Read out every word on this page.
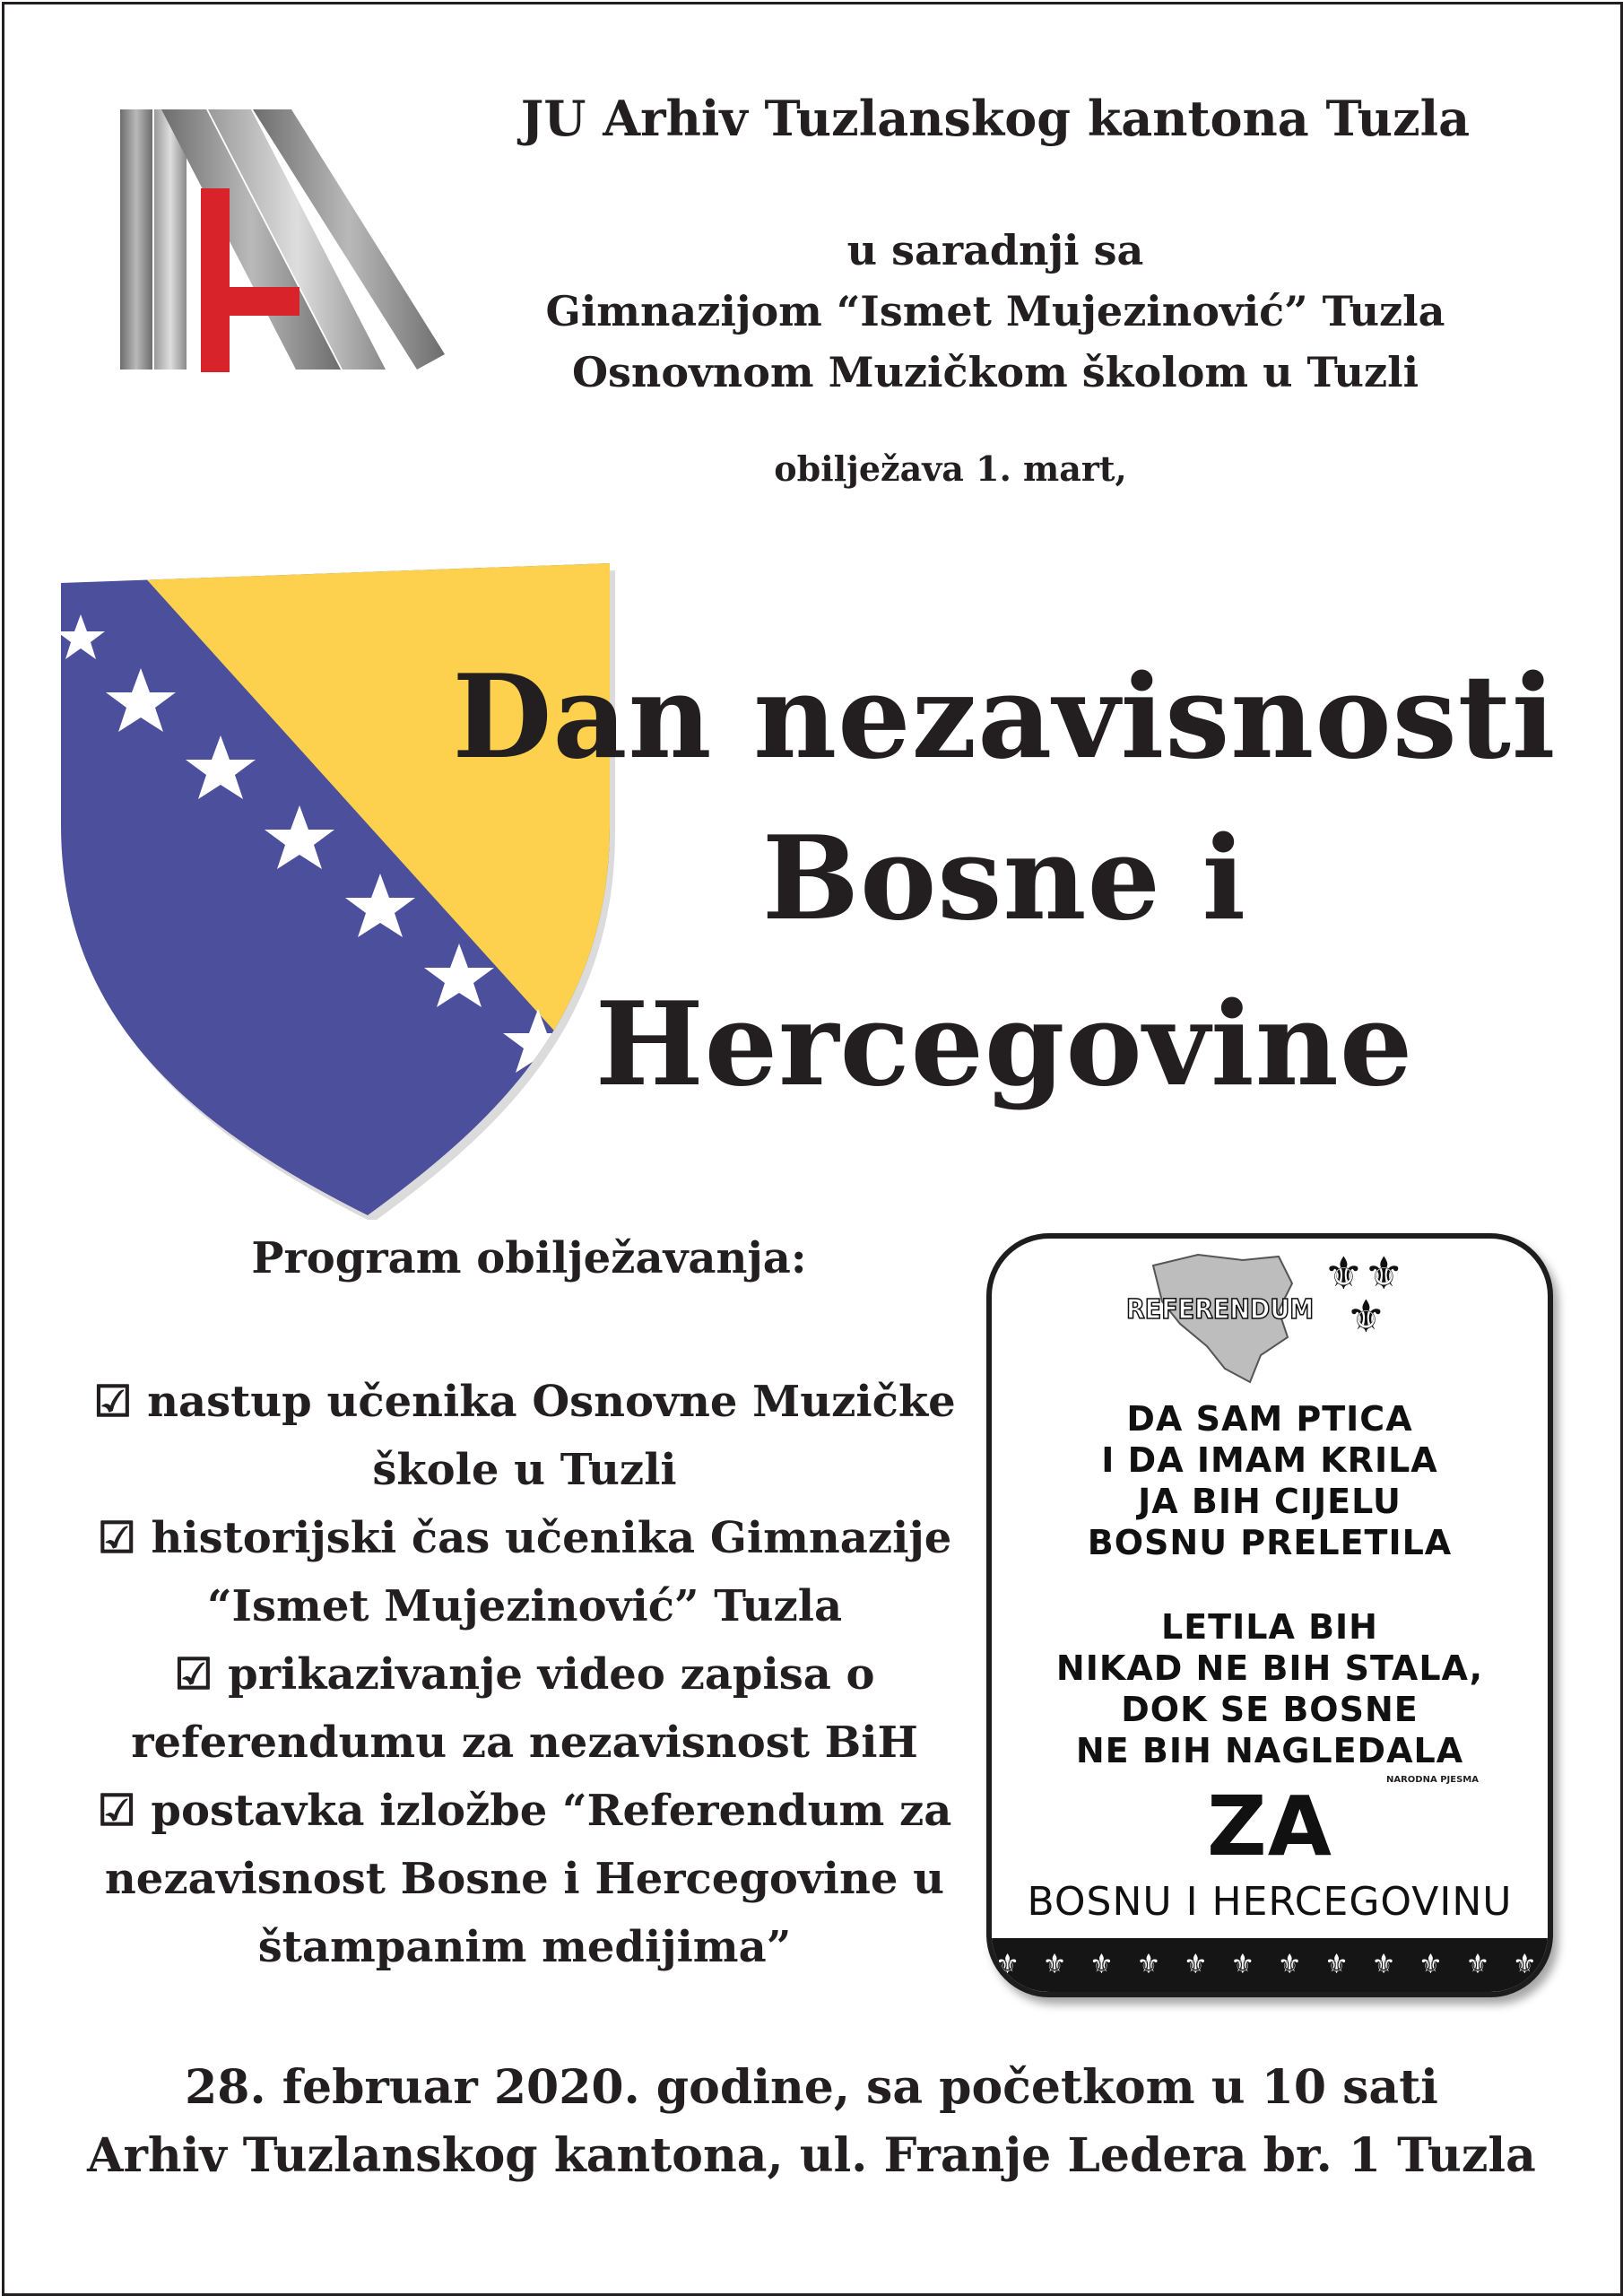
JU Arhiv Tuzlanskog kantona Tuzla
u saradnji sa
Gimnazijom “Ismet Mujezinović” Tuzla
Osnovnom Muzičkom školom u Tuzli
obilježava 1. mart,
Dan nezavisnosti
Bosne i
Hercegovine
Program obilježavanja:
☑ nastup učenika Osnovne Muzičke
škole u Tuzli
☑ historijski čas učenika Gimnazije
“Ismet Mujezinović” Tuzla
☑ prikazivanje video zapisa o
referendumu za nezavisnost BiH
☑ postavka izložbe “Referendum za
nezavisnost Bosne i Hercegovine u
štampanim medijima”
REFERENDUM
⚜⚜
⚜
DA SAM PTICA
I DA IMAM KRILA
JA BIH CIJELU
BOSNU PRELETILA
LETILA BIH
NIKAD NE BIH STALA,
DOK SE BOSNE
NE BIH NAGLEDALA
NARODNA PJESMA
ZA
BOSNU I HERCEGOVINU
⚜ ⚜ ⚜ ⚜ ⚜ ⚜ ⚜ ⚜ ⚜ ⚜ ⚜ ⚜
28. februar 2020. godine, sa početkom u 10 sati
Arhiv Tuzlanskog kantona, ul. Franje Ledera br. 1 Tuzla
